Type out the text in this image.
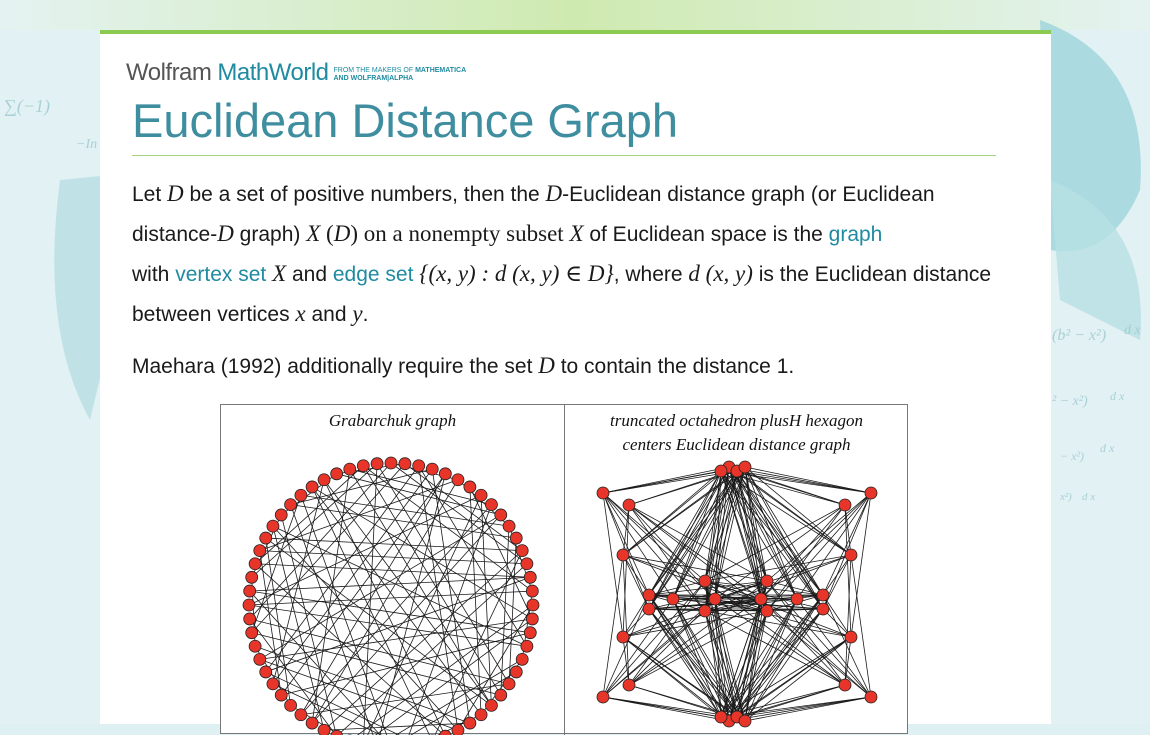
∑(−1)
−In
(b² − x²) d x
² − x²) d x
− x²)
d x
x²) d x
Wolfram MathWorld FROM THE MAKERS OF MATHEMATICA
AND WOLFRAM|ALPHA
Euclidean Distance Graph
Let D be a set of positive numbers, then the D-Euclidean distance graph (or Euclidean distance-D graph) X (D) on a nonempty subset X of Euclidean space is the graph
with vertex set X and edge set {(x, y) : d (x, y) ∈ D}, where d (x, y) is the Euclidean distance between vertices x and y.
Maehara (1992) additionally require the set D to contain the distance 1.
Grabarchuk graph	truncated octahedron plusH hexagon
centers Euclidean distance graph
